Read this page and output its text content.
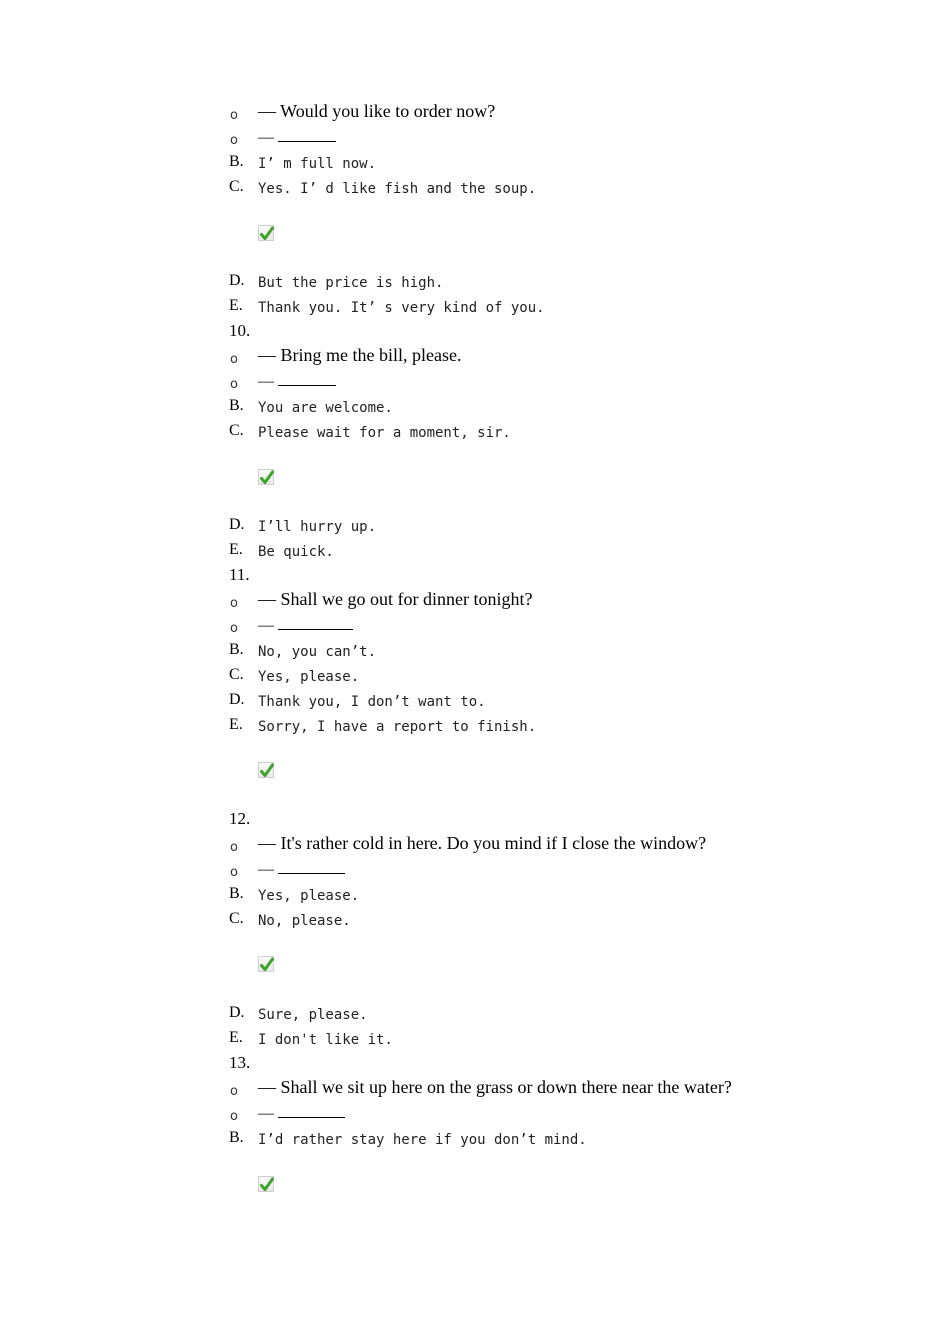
o — Would you like to order now?
o —
B. I’ m full now.
C. Yes. I’ d like fish and the soup.
D. But the price is high.
E. Thank you. It’ s very kind of you.
10.
o — Bring me the bill, please.
o —
B. You are welcome.
C. Please wait for a moment, sir.
D. I’ll hurry up.
E. Be quick.
11.
o — Shall we go out for dinner tonight?
o —
B. No, you can’t.
C. Yes, please.
D. Thank you, I don’t want to.
E. Sorry, I have a report to finish.
12.
o — It's rather cold in here. Do you mind if I close the window?
o —
B. Yes, please.
C. No, please.
D. Sure, please.
E. I don't like it.
13.
o — Shall we sit up here on the grass or down there near the water?
o —
B. I’d rather stay here if you don’t mind.
